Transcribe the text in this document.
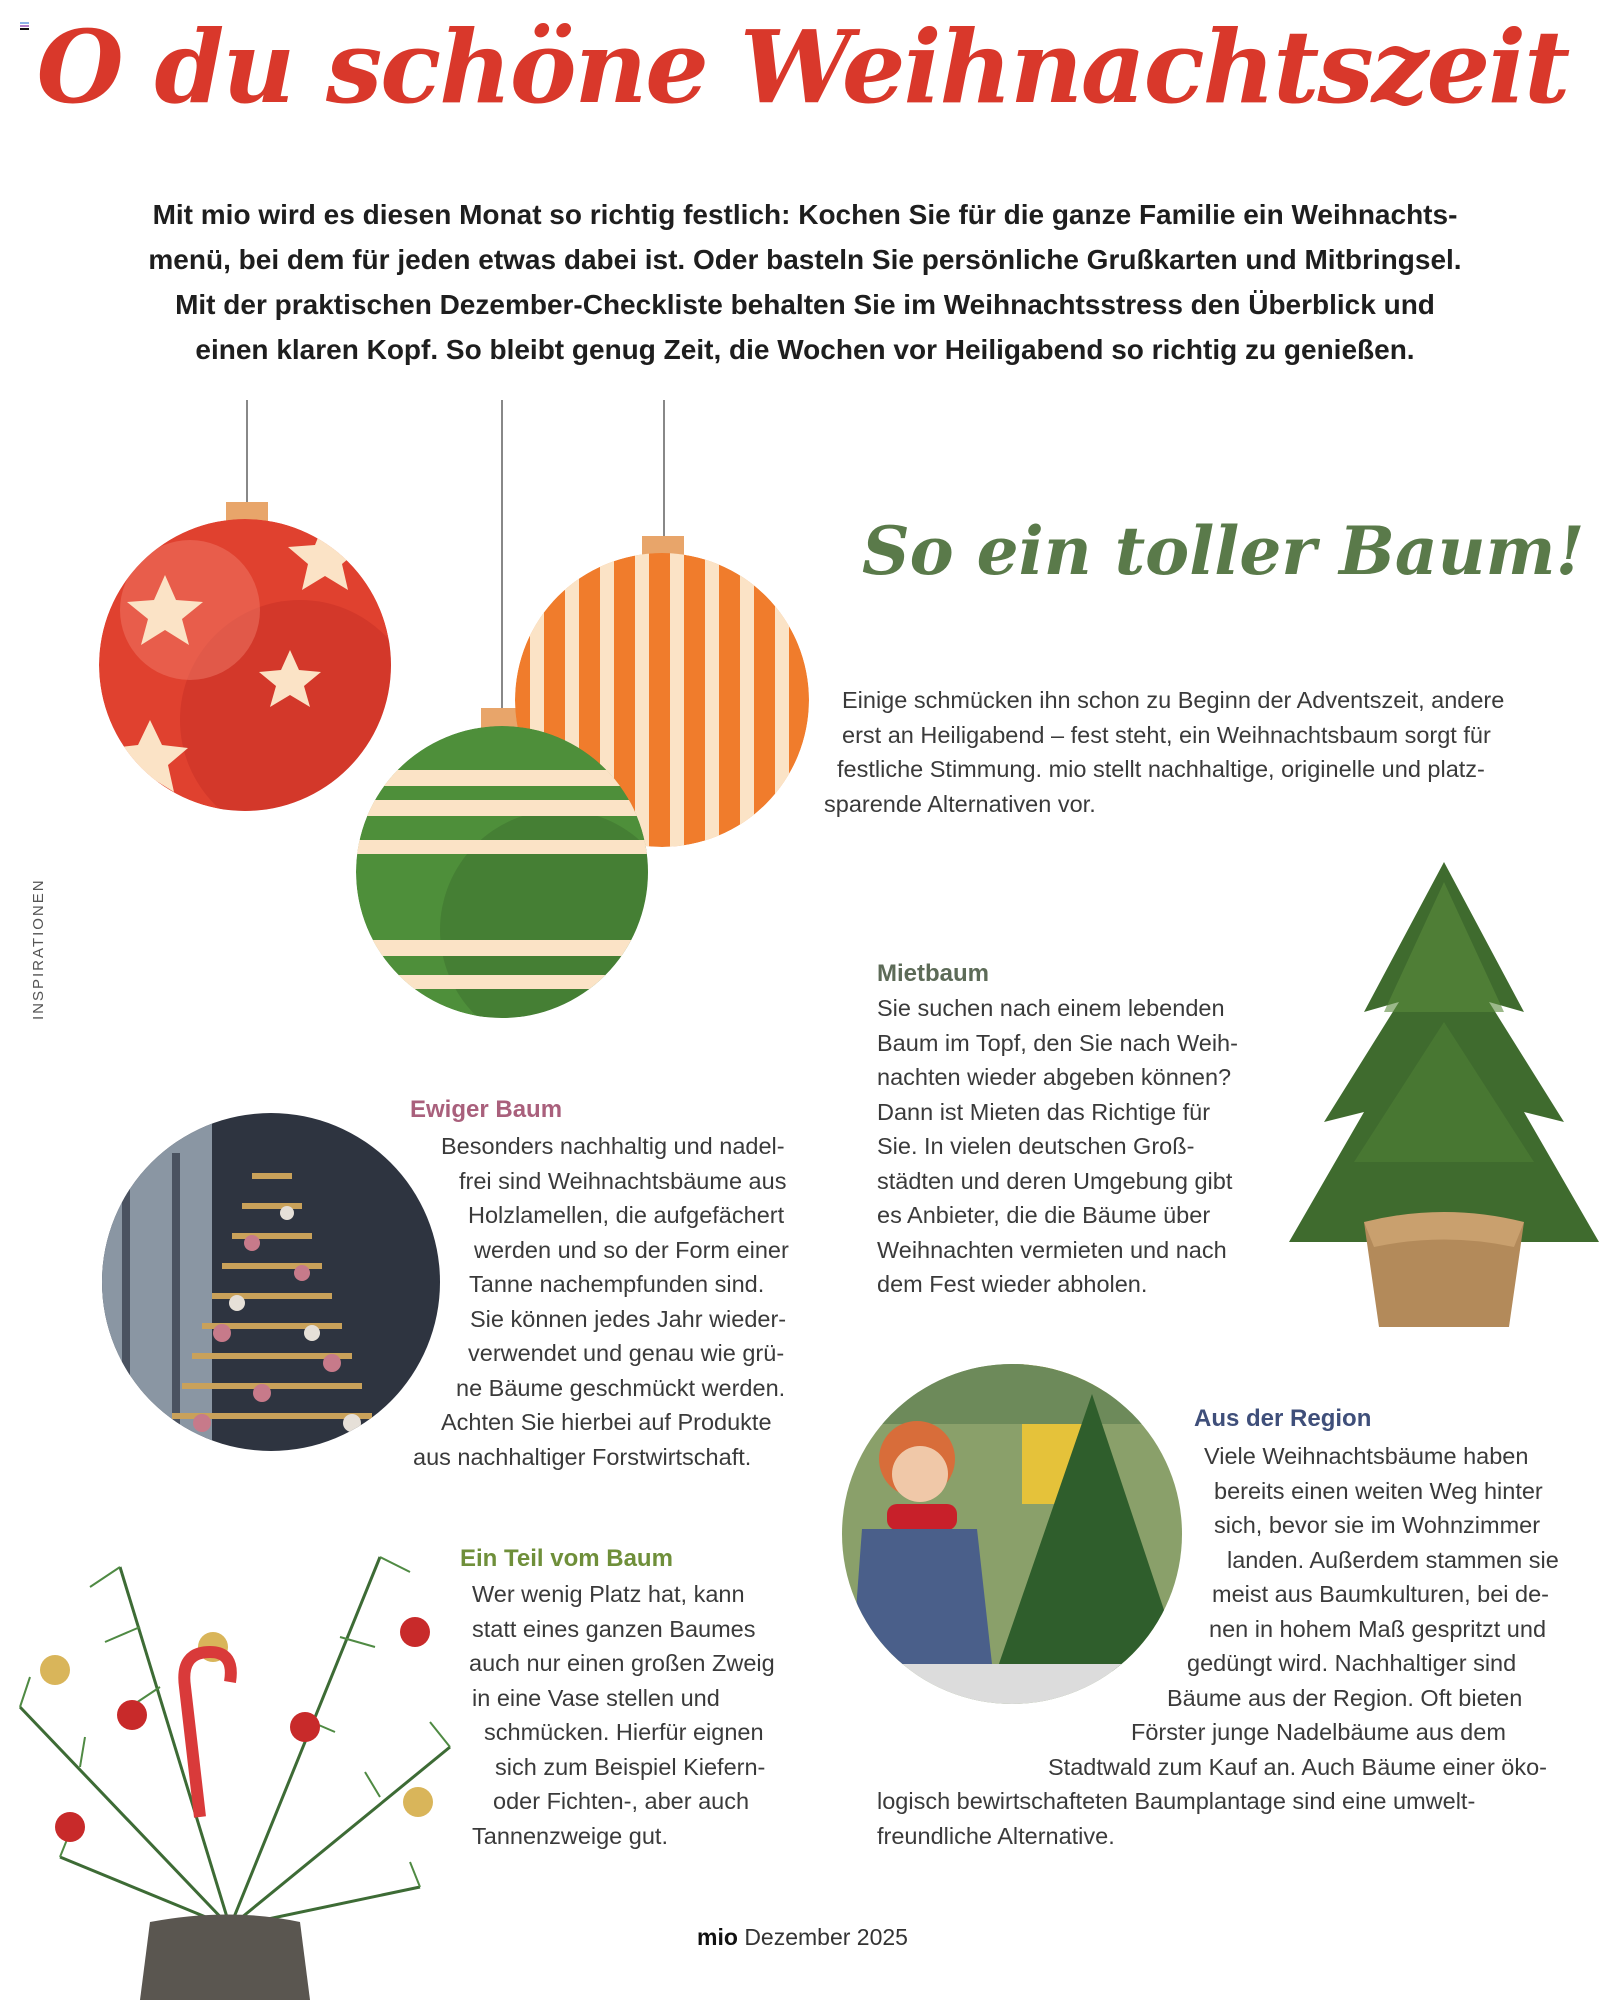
O du schöne Weihnachtszeit
Mit mio wird es diesen Monat so richtig festlich: Kochen Sie für die ganze Familie ein Weihnachts-
menü, bei dem für jeden etwas dabei ist. Oder basteln Sie persönliche Grußkarten und Mitbringsel.
Mit der praktischen Dezember-Checkliste behalten Sie im Weihnachtsstress den Überblick und
einen klaren Kopf. So bleibt genug Zeit, die Wochen vor Heiligabend so richtig zu genießen.
So ein toller Baum!
Einige schmücken ihn schon zu Beginn der Adventszeit, andere
erst an Heiligabend – fest steht, ein Weihnachtsbaum sorgt für
festliche Stimmung. mio stellt nachhaltige, originelle und platz-
sparende Alternativen vor.
INSPIRATIONEN	Mietbaum
Sie suchen nach einem lebenden
Baum im Topf, den Sie nach Weih-
nachten wieder abgeben können?
Dann ist Mieten das Richtige für
Sie. In vielen deutschen Groß-
städten und deren Umgebung gibt
es Anbieter, die die Bäume über
Weihnachten vermieten und nach
dem Fest wieder abholen.
Ewiger Baum
Besonders nachhaltig und nadel-
frei sind Weihnachtsbäume aus
Holzlamellen, die aufgefächert
werden und so der Form einer
Tanne nachempfunden sind.
Sie können jedes Jahr wieder-
verwendet und genau wie grü-
ne Bäume geschmückt werden.
Achten Sie hierbei auf Produkte
aus nachhaltiger Forstwirtschaft.
Ein Teil vom Baum
Wer wenig Platz hat, kann
statt eines ganzen Baumes
auch nur einen großen Zweig
in eine Vase stellen und
schmücken. Hierfür eignen
sich zum Beispiel Kiefern-
oder Fichten-, aber auch
Tannenzweige gut.
Aus der Region
Viele Weihnachtsbäume haben
bereits einen weiten Weg hinter
sich, bevor sie im Wohnzimmer
landen. Außerdem stammen sie
meist aus Baumkulturen, bei de-
nen in hohem Maß gespritzt und
gedüngt wird. Nachhaltiger sind
Bäume aus der Region. Oft bieten
Förster junge Nadelbäume aus dem
Stadtwald zum Kauf an. Auch Bäume einer öko-
logisch bewirtschafteten Baumplantage sind eine umwelt-
freundliche Alternative.
mio Dezember 2025
